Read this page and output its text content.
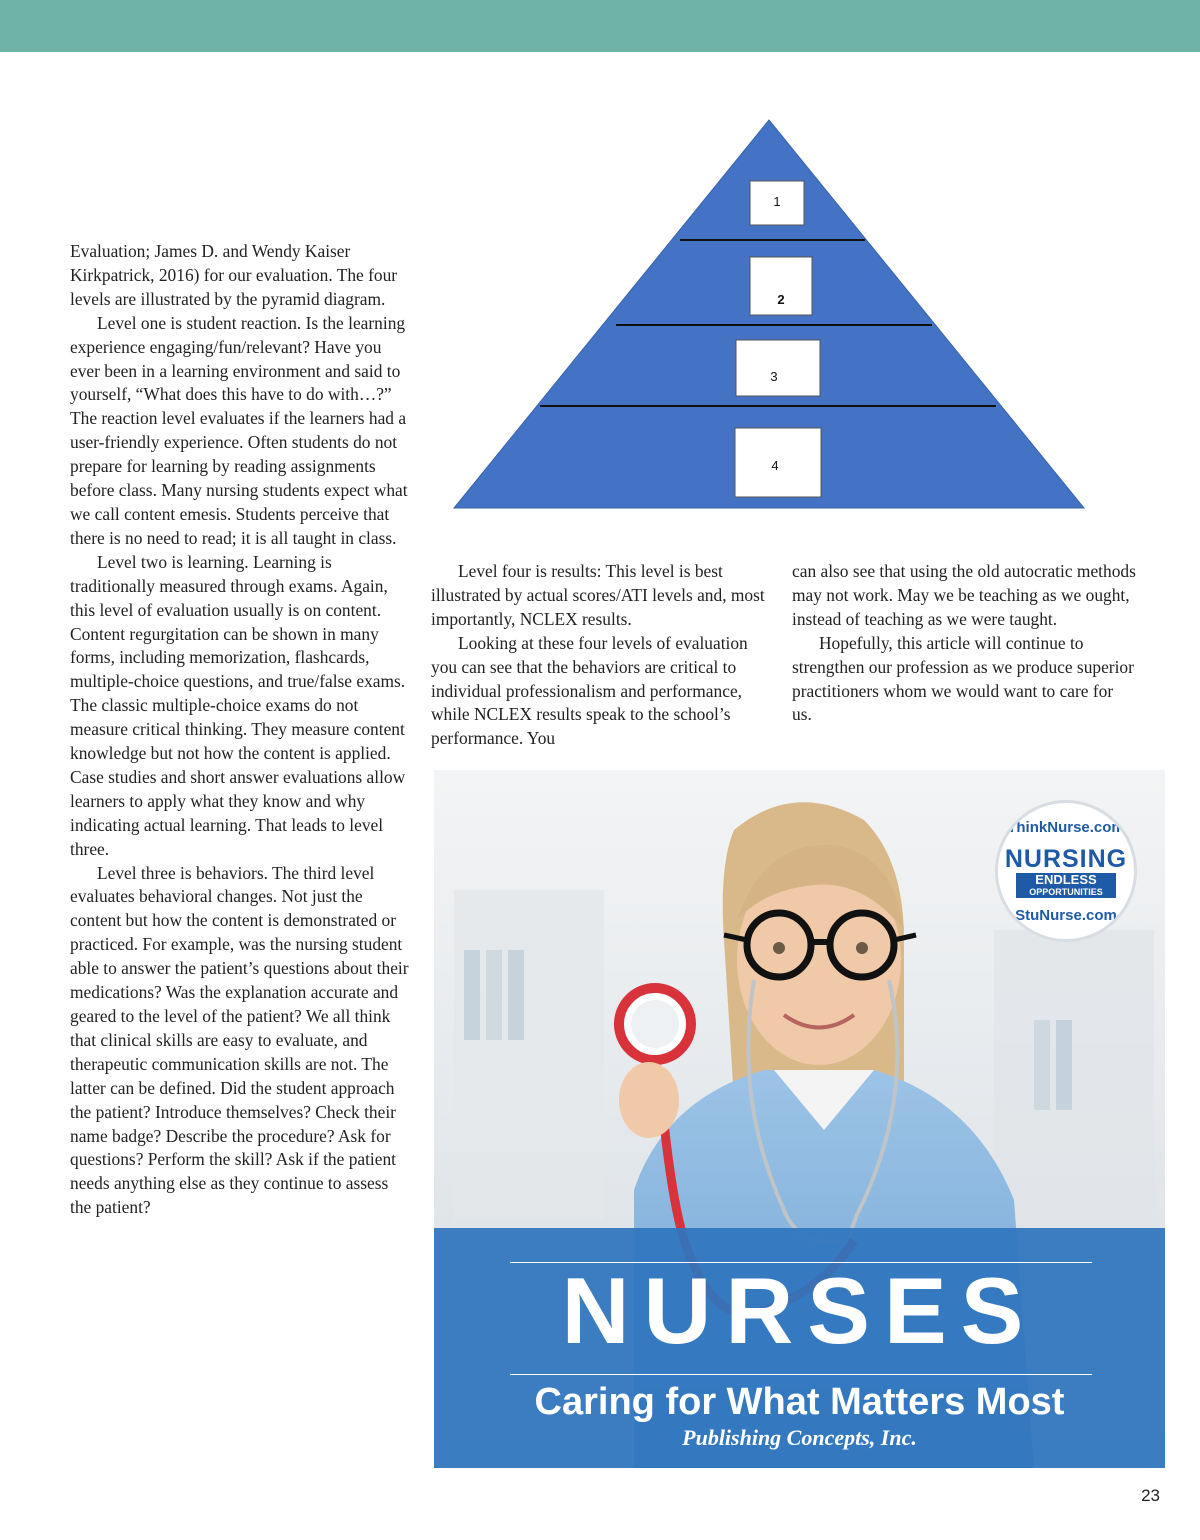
Evaluation; James D. and Wendy Kaiser Kirkpatrick, 2016) for our evaluation. The four levels are illustrated by the pyramid diagram.

Level one is student reaction. Is the learning experience engaging/fun/relevant? Have you ever been in a learning environment and said to yourself, “What does this have to do with…?” The reaction level evaluates if the learners had a user-friendly experience. Often students do not prepare for learning by reading assignments before class. Many nursing students expect what we call content emesis. Students perceive that there is no need to read; it is all taught in class.

Level two is learning. Learning is traditionally measured through exams. Again, this level of evaluation usually is on content. Content regurgitation can be shown in many forms, including memorization, flashcards, multiple-choice questions, and true/false exams. The classic multiple-choice exams do not measure critical thinking. They measure content knowledge but not how the content is applied. Case studies and short answer evaluations allow learners to apply what they know and why indicating actual learning. That leads to level three.

Level three is behaviors. The third level evaluates behavioral changes. Not just the content but how the content is demonstrated or practiced. For example, was the nursing student able to answer the patient’s questions about their medications? Was the explanation accurate and geared to the level of the patient? We all think that clinical skills are easy to evaluate, and therapeutic communication skills are not. The latter can be defined. Did the student approach the patient? Introduce themselves? Check their name badge? Describe the procedure? Ask for questions? Perform the skill? Ask if the patient needs anything else as they continue to assess the patient?

1
2
3
4

Level four is results: This level is best illustrated by actual scores/ATI levels and, most importantly, NCLEX results.

Looking at these four levels of evaluation you can see that the behaviors are critical to individual professionalism and performance, while NCLEX results speak to the school’s performance. You

can also see that using the old autocratic methods may not work. May we be teaching as we ought, instead of teaching as we were taught.

Hopefully, this article will continue to strengthen our profession as we produce superior practitioners whom we would want to care for us.

ThinkNurse.com
NURSING
ENDLESS
OPPORTUNITIES
StuNurse.com
NURSES
Caring for What Matters Most
Publishing Concepts, Inc.
23
